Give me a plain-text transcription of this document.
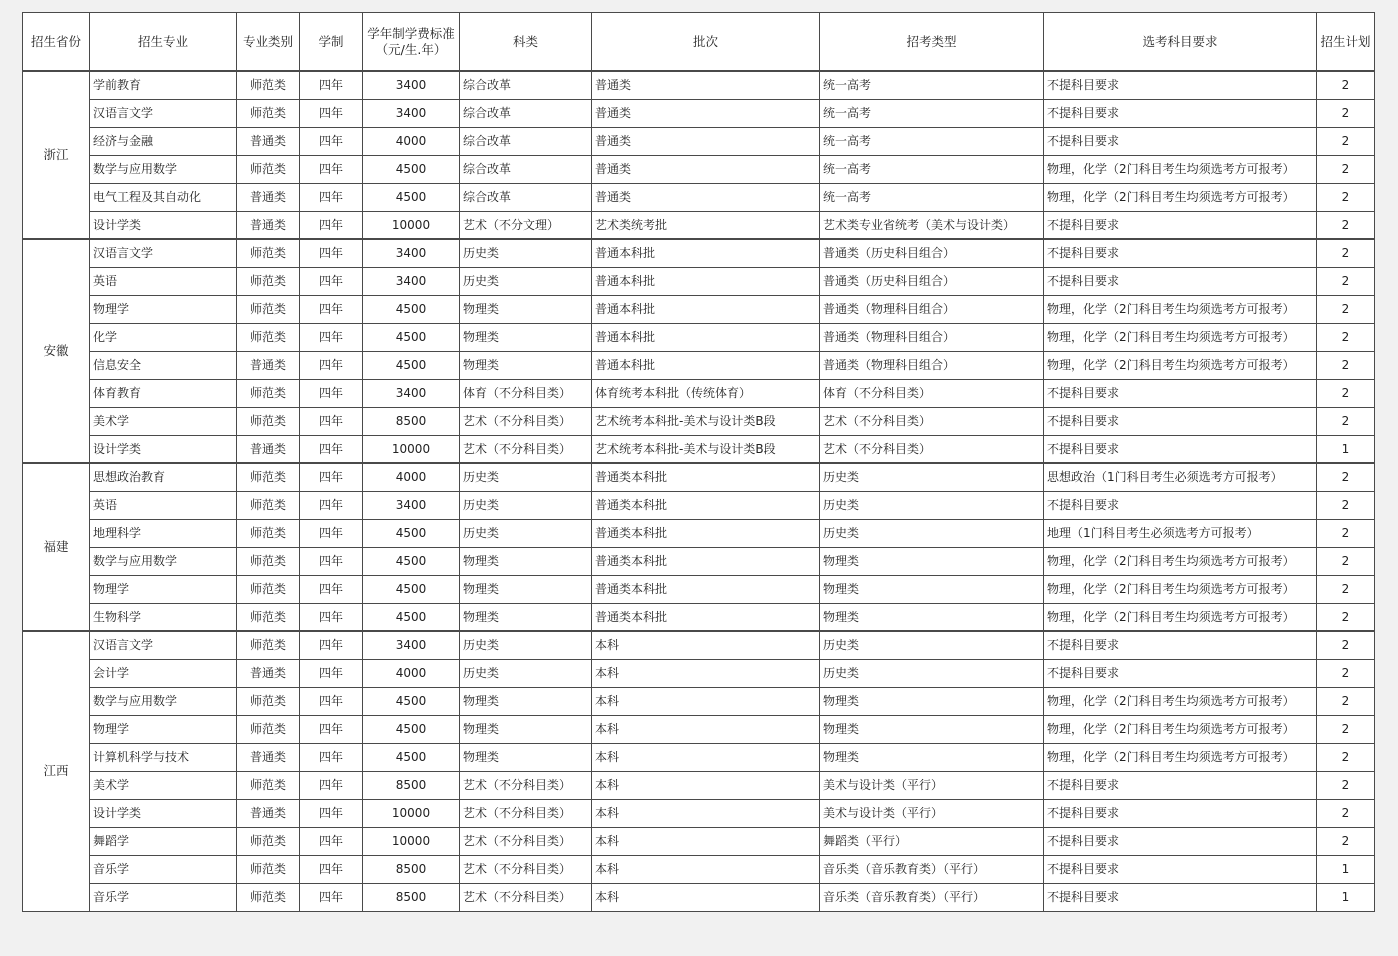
招生省份	招生专业	专业类别	学制	学年制学费标准（元/生.年）	科类	批次	招考类型	选考科目要求	招生计划
浙江	学前教育	师范类	四年	3400	综合改革	普通类	统一高考	不提科目要求	2
	汉语言文学	师范类	四年	3400	综合改革	普通类	统一高考	不提科目要求	2
	经济与金融	普通类	四年	4000	综合改革	普通类	统一高考	不提科目要求	2
	数学与应用数学	师范类	四年	4500	综合改革	普通类	统一高考	物理，化学（2门科目考生均须选考方可报考）	2
	电气工程及其自动化	普通类	四年	4500	综合改革	普通类	统一高考	物理，化学（2门科目考生均须选考方可报考）	2
	设计学类	普通类	四年	10000	艺术（不分文理）	艺术类统考批	艺术类专业省统考（美术与设计类）	不提科目要求	2
安徽	汉语言文学	师范类	四年	3400	历史类	普通本科批	普通类（历史科目组合）	不提科目要求	2
	英语	师范类	四年	3400	历史类	普通本科批	普通类（历史科目组合）	不提科目要求	2
	物理学	师范类	四年	4500	物理类	普通本科批	普通类（物理科目组合）	物理，化学（2门科目考生均须选考方可报考）	2
	化学	师范类	四年	4500	物理类	普通本科批	普通类（物理科目组合）	物理，化学（2门科目考生均须选考方可报考）	2
	信息安全	普通类	四年	4500	物理类	普通本科批	普通类（物理科目组合）	物理，化学（2门科目考生均须选考方可报考）	2
	体育教育	师范类	四年	3400	体育（不分科目类）	体育统考本科批（传统体育）	体育（不分科目类）	不提科目要求	2
	美术学	师范类	四年	8500	艺术（不分科目类）	艺术统考本科批-美术与设计类B段	艺术（不分科目类）	不提科目要求	2
	设计学类	普通类	四年	10000	艺术（不分科目类）	艺术统考本科批-美术与设计类B段	艺术（不分科目类）	不提科目要求	1
福建	思想政治教育	师范类	四年	4000	历史类	普通类本科批	历史类	思想政治（1门科目考生必须选考方可报考）	2
	英语	师范类	四年	3400	历史类	普通类本科批	历史类	不提科目要求	2
	地理科学	师范类	四年	4500	历史类	普通类本科批	历史类	地理（1门科目考生必须选考方可报考）	2
	数学与应用数学	师范类	四年	4500	物理类	普通类本科批	物理类	物理，化学（2门科目考生均须选考方可报考）	2
	物理学	师范类	四年	4500	物理类	普通类本科批	物理类	物理，化学（2门科目考生均须选考方可报考）	2
	生物科学	师范类	四年	4500	物理类	普通类本科批	物理类	物理，化学（2门科目考生均须选考方可报考）	2
江西	汉语言文学	师范类	四年	3400	历史类	本科	历史类	不提科目要求	2
	会计学	普通类	四年	4000	历史类	本科	历史类	不提科目要求	2
	数学与应用数学	师范类	四年	4500	物理类	本科	物理类	物理，化学（2门科目考生均须选考方可报考）	2
	物理学	师范类	四年	4500	物理类	本科	物理类	物理，化学（2门科目考生均须选考方可报考）	2
	计算机科学与技术	普通类	四年	4500	物理类	本科	物理类	物理，化学（2门科目考生均须选考方可报考）	2
	美术学	师范类	四年	8500	艺术（不分科目类）	本科	美术与设计类（平行）	不提科目要求	2
	设计学类	普通类	四年	10000	艺术（不分科目类）	本科	美术与设计类（平行）	不提科目要求	2
	舞蹈学	师范类	四年	10000	艺术（不分科目类）	本科	舞蹈类（平行）	不提科目要求	2
	音乐学	师范类	四年	8500	艺术（不分科目类）	本科	音乐类（音乐教育类）（平行）	不提科目要求	1
	音乐学	师范类	四年	8500	艺术（不分科目类）	本科	音乐类（音乐教育类）（平行）	不提科目要求	1
